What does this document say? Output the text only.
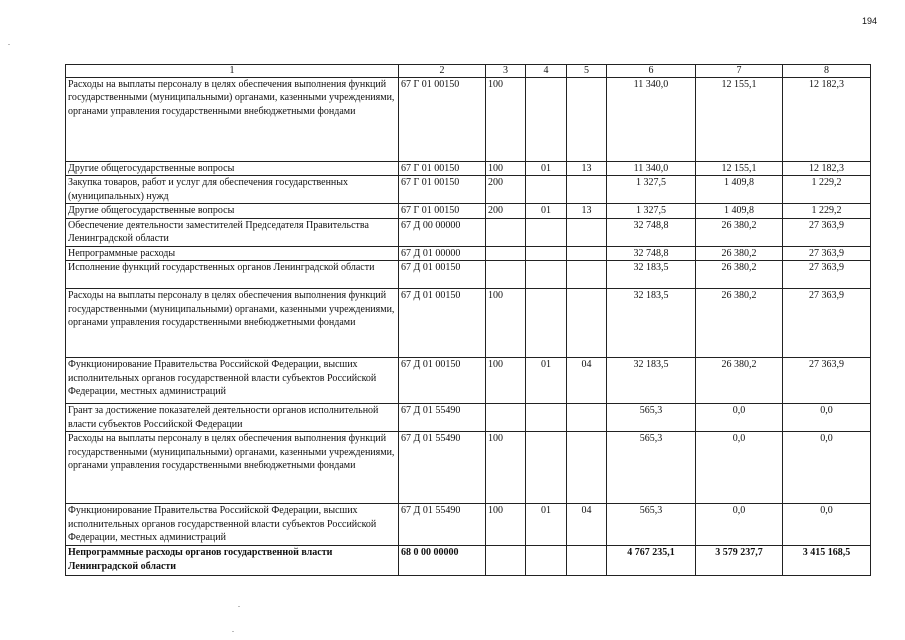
194
1	2	3	4	5	6	7	8
Расходы на выплаты персоналу в целях обеспечения выполнения функций государственными (муниципальными) органами, казенными учреждениями, органами управления государственными внебюджетными фондами	67 Г 01 00150	100			11 340,0	12 155,1	12 182,3
Другие общегосударственные вопросы	67 Г 01 00150	100	01	13	11 340,0	12 155,1	12 182,3
Закупка товаров, работ и услуг для обеспечения государственных (муниципальных) нужд	67 Г 01 00150	200			1 327,5	1 409,8	1 229,2
Другие общегосударственные вопросы	67 Г 01 00150	200	01	13	1 327,5	1 409,8	1 229,2
Обеспечение деятельности заместителей Председателя Правительства Ленинградской области	67 Д 00 00000				32 748,8	26 380,2	27 363,9
Непрограммные расходы	67 Д 01 00000				32 748,8	26 380,2	27 363,9
Исполнение функций государственных органов Ленинградской области	67 Д 01 00150				32 183,5	26 380,2	27 363,9
Расходы на выплаты персоналу в целях обеспечения выполнения функций государственными (муниципальными) органами, казенными учреждениями, органами управления государственными внебюджетными фондами	67 Д 01 00150	100			32 183,5	26 380,2	27 363,9
Функционирование Правительства Российской Федерации, высших исполнительных органов государственной власти субъектов Российской Федерации, местных администраций	67 Д 01 00150	100	01	04	32 183,5	26 380,2	27 363,9
Грант за достижение показателей деятельности органов исполнительной власти субъектов Российской Федерации	67 Д 01 55490				565,3	0,0	0,0
Расходы на выплаты персоналу в целях обеспечения выполнения функций государственными (муниципальными) органами, казенными учреждениями, органами управления государственными внебюджетными фондами	67 Д 01 55490	100			565,3	0,0	0,0
Функционирование Правительства Российской Федерации, высших исполнительных органов государственной власти субъектов Российской Федерации, местных администраций	67 Д 01 55490	100	01	04	565,3	0,0	0,0
Непрограммные расходы органов государственной власти Ленинградской области	68 0 00 00000				4 767 235,1	3 579 237,7	3 415 168,5
